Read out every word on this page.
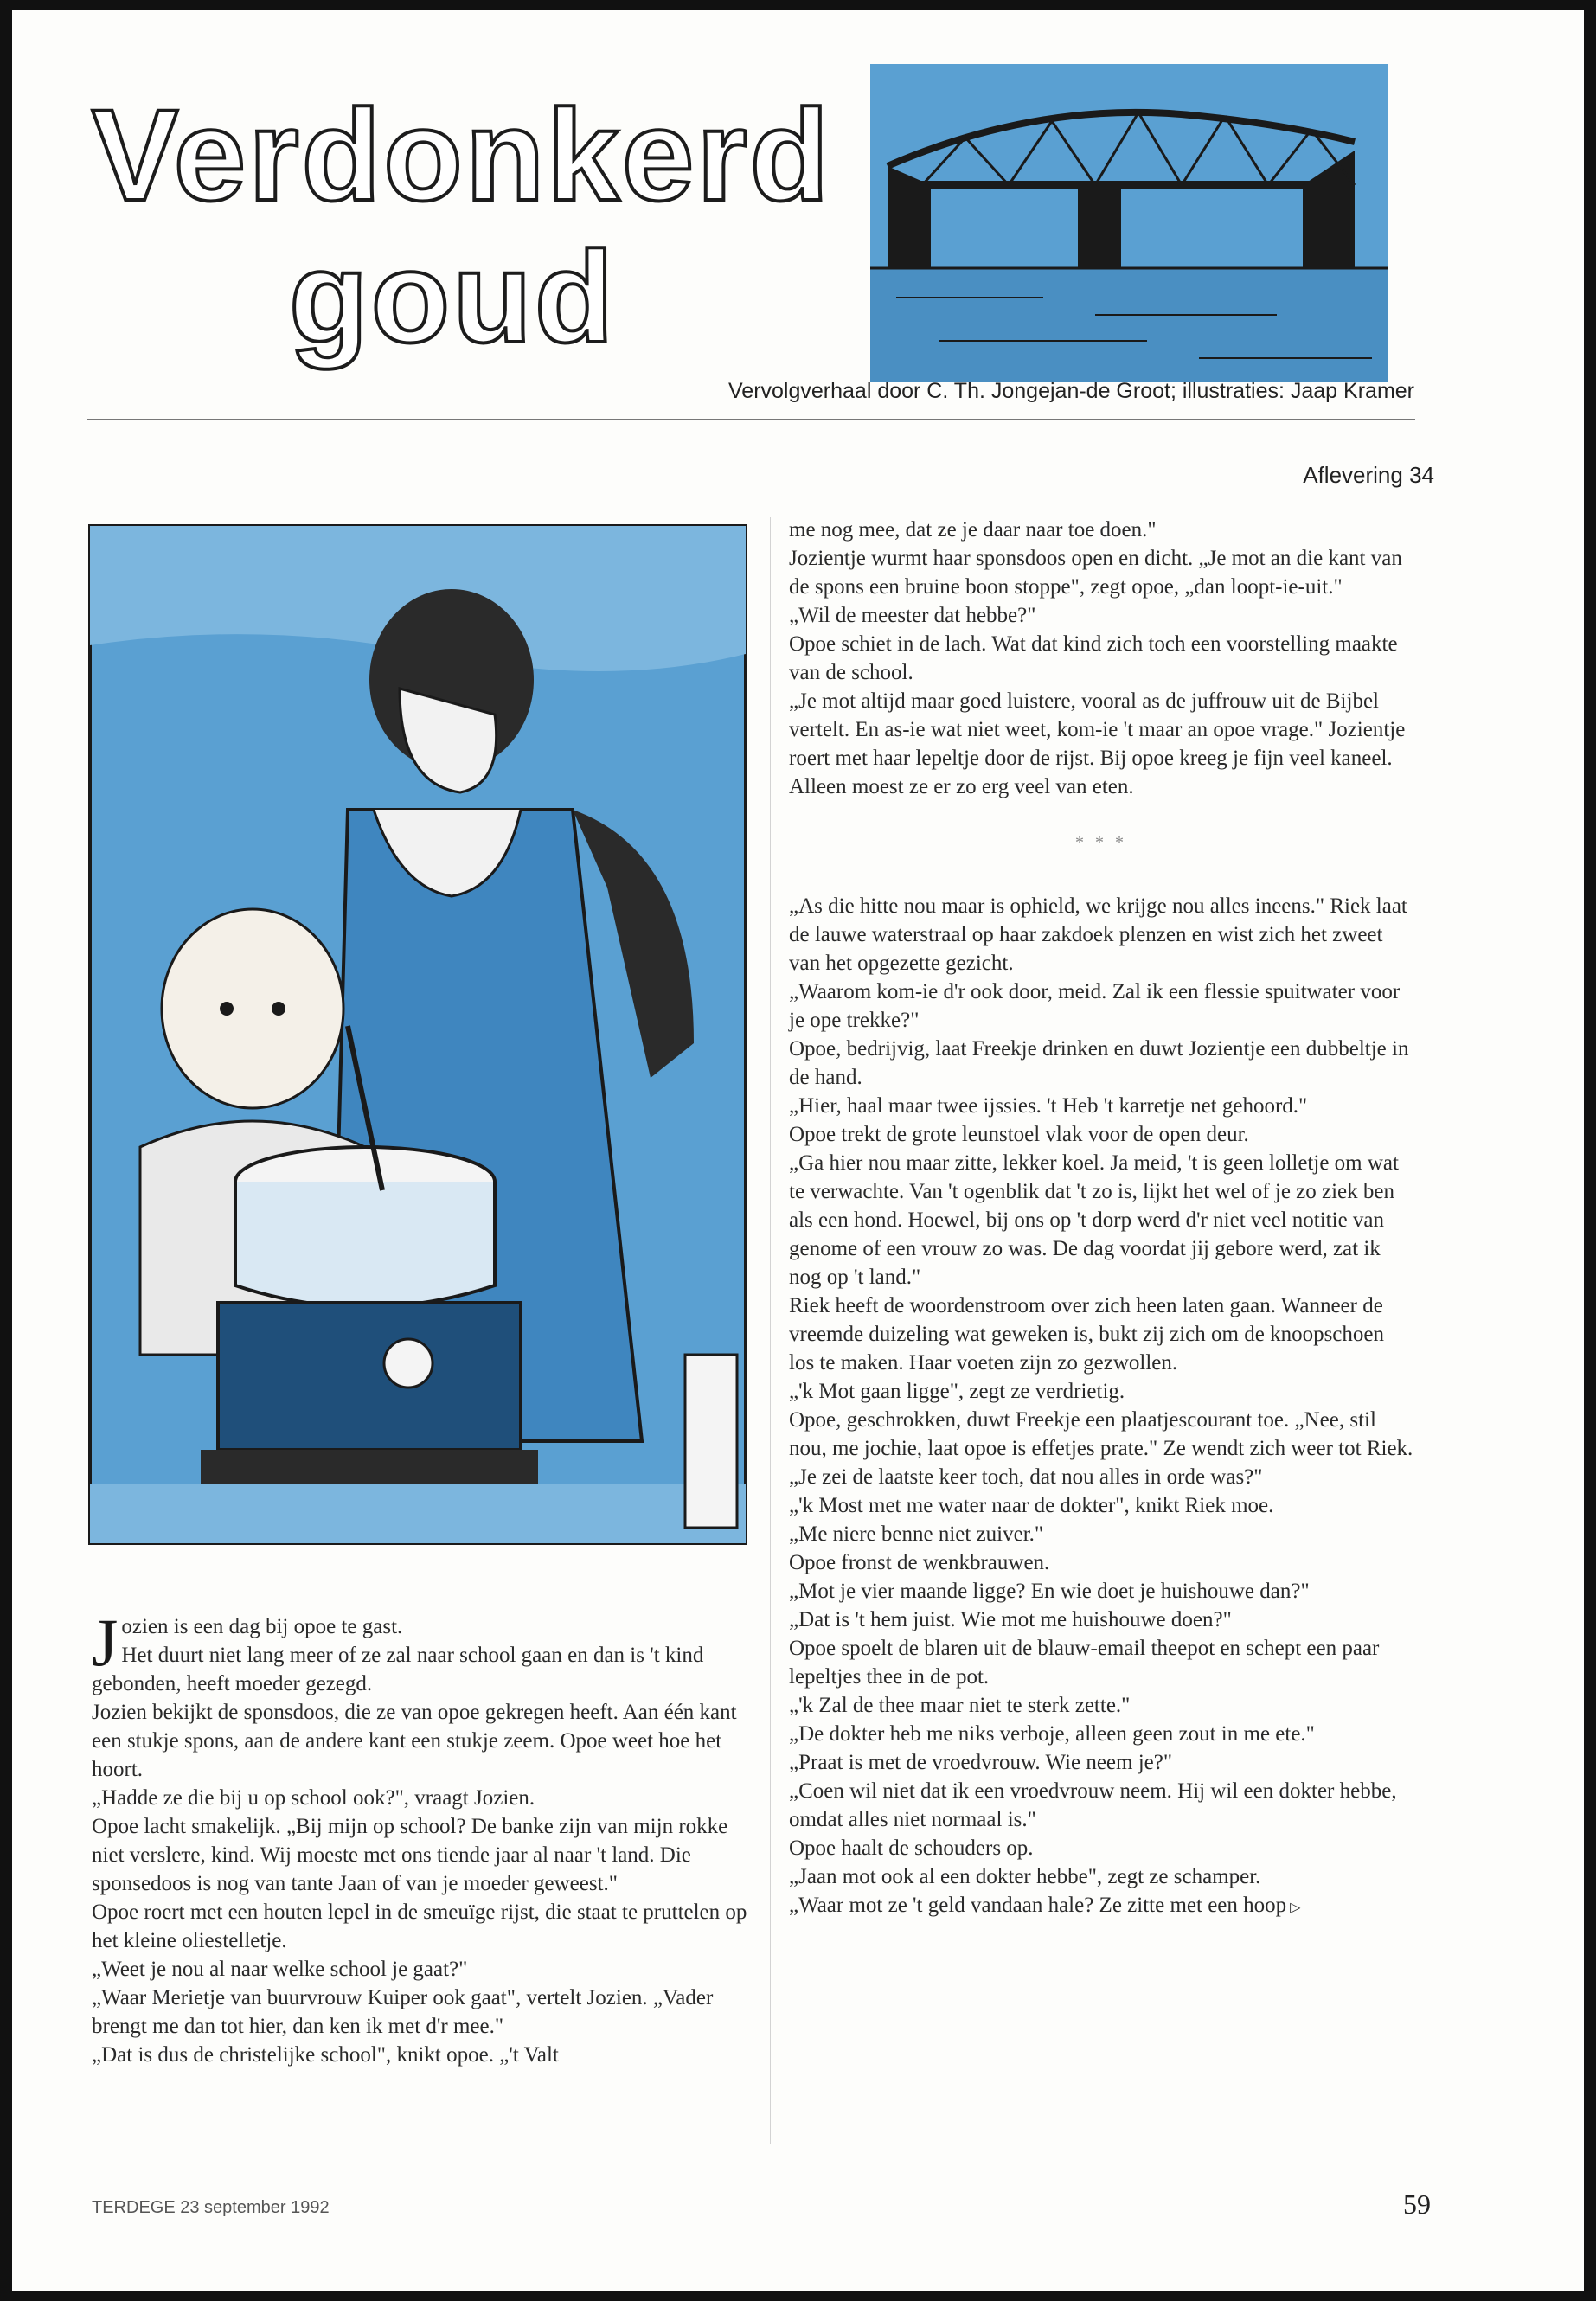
Verdonkerd
goud
Vervolgverhaal door C. Th. Jongejan-de Groot; illustraties: Jaap Kramer
Aflevering 34

Jozien is een dag bij opoe te gast.

Het duurt niet lang meer of ze zal naar school gaan en dan is 't kind gebonden, heeft moeder gezegd.

Jozien bekijkt de sponsdoos, die ze van opoe gekregen heeft. Aan één kant een stukje spons, aan de andere kant een stukje zeem. Opoe weet hoe het hoort.

„Hadde ze die bij u op school ook?", vraagt Jozien.

Opoe lacht smakelijk. „Bij mijn op school? De banke zijn van mijn rokke niet versleте, kind. Wij moeste met ons tiende jaar al naar 't land. Die sponsedoos is nog van tante Jaan of van je moeder geweest."

Opoe roert met een houten lepel in de smeuïge rijst, die staat te pruttelen op het kleine oliestelletje.

„Weet je nou al naar welke school je gaat?"

„Waar Merietje van buurvrouw Kuiper ook gaat", vertelt Jozien. „Vader brengt me dan tot hier, dan ken ik met d'r mee."

„Dat is dus de christelijke school", knikt opoe. „'t Valt

me nog mee, dat ze je daar naar toe doen."

Jozientje wurmt haar sponsdoos open en dicht. „Je mot an die kant van de spons een bruine boon stoppe", zegt opoe, „dan loopt-ie-uit."

„Wil de meester dat hebbe?"

Opoe schiet in de lach. Wat dat kind zich toch een voorstelling maakte van de school.

„Je mot altijd maar goed luistere, vooral as de juffrouw uit de Bijbel vertelt. En as-ie wat niet weet, kom-ie 't maar an opoe vrage." Jozientje roert met haar lepeltje door de rijst. Bij opoe kreeg je fijn veel kaneel. Alleen moest ze er zo erg veel van eten.

* * *

„As die hitte nou maar is ophield, we krijge nou alles ineens." Riek laat de lauwe waterstraal op haar zakdoek plenzen en wist zich het zweet van het opgezette gezicht.

„Waarom kom-ie d'r ook door, meid. Zal ik een flessie spuitwater voor je ope trekke?"

Opoe, bedrijvig, laat Freekje drinken en duwt Jozientje een dubbeltje in de hand.

„Hier, haal maar twee ijssies. 't Heb 't karretje net gehoord."

Opoe trekt de grote leunstoel vlak voor de open deur.

„Ga hier nou maar zitte, lekker koel. Ja meid, 't is geen lolletje om wat te verwachte. Van 't ogenblik dat 't zo is, lijkt het wel of je zo ziek ben als een hond. Hoewel, bij ons op 't dorp werd d'r niet veel notitie van genome of een vrouw zo was. De dag voordat jij gebore werd, zat ik nog op 't land."

Riek heeft de woordenstroom over zich heen laten gaan. Wanneer de vreemde duizeling wat geweken is, bukt zij zich om de knoopschoen los te maken. Haar voeten zijn zo gezwollen.

„'k Mot gaan ligge", zegt ze verdrietig.

Opoe, geschrokken, duwt Freekje een plaatjescourant toe. „Nee, stil nou, me jochie, laat opoe is effetjes prate." Ze wendt zich weer tot Riek.

„Je zei de laatste keer toch, dat nou alles in orde was?"

„'k Most met me water naar de dokter", knikt Riek moe.

„Me niere benne niet zuiver."

Opoe fronst de wenkbrauwen.

„Mot je vier maande ligge? En wie doet je huishouwe dan?"

„Dat is 't hem juist. Wie mot me huishouwe doen?"

Opoe spoelt de blaren uit de blauw-email theepot en schept een paar lepeltjes thee in de pot.

„'k Zal de thee maar niet te sterk zette."

„De dokter heb me niks verboje, alleen geen zout in me ete."

„Praat is met de vroedvrouw. Wie neem je?"

„Coen wil niet dat ik een vroedvrouw neem. Hij wil een dokter hebbe, omdat alles niet normaal is."

Opoe haalt de schouders op.

„Jaan mot ook al een dokter hebbe", zegt ze schamper.

„Waar mot ze 't geld vandaan hale? Ze zitte met een hoop ▷

TERDEGE 23 september 1992	59
